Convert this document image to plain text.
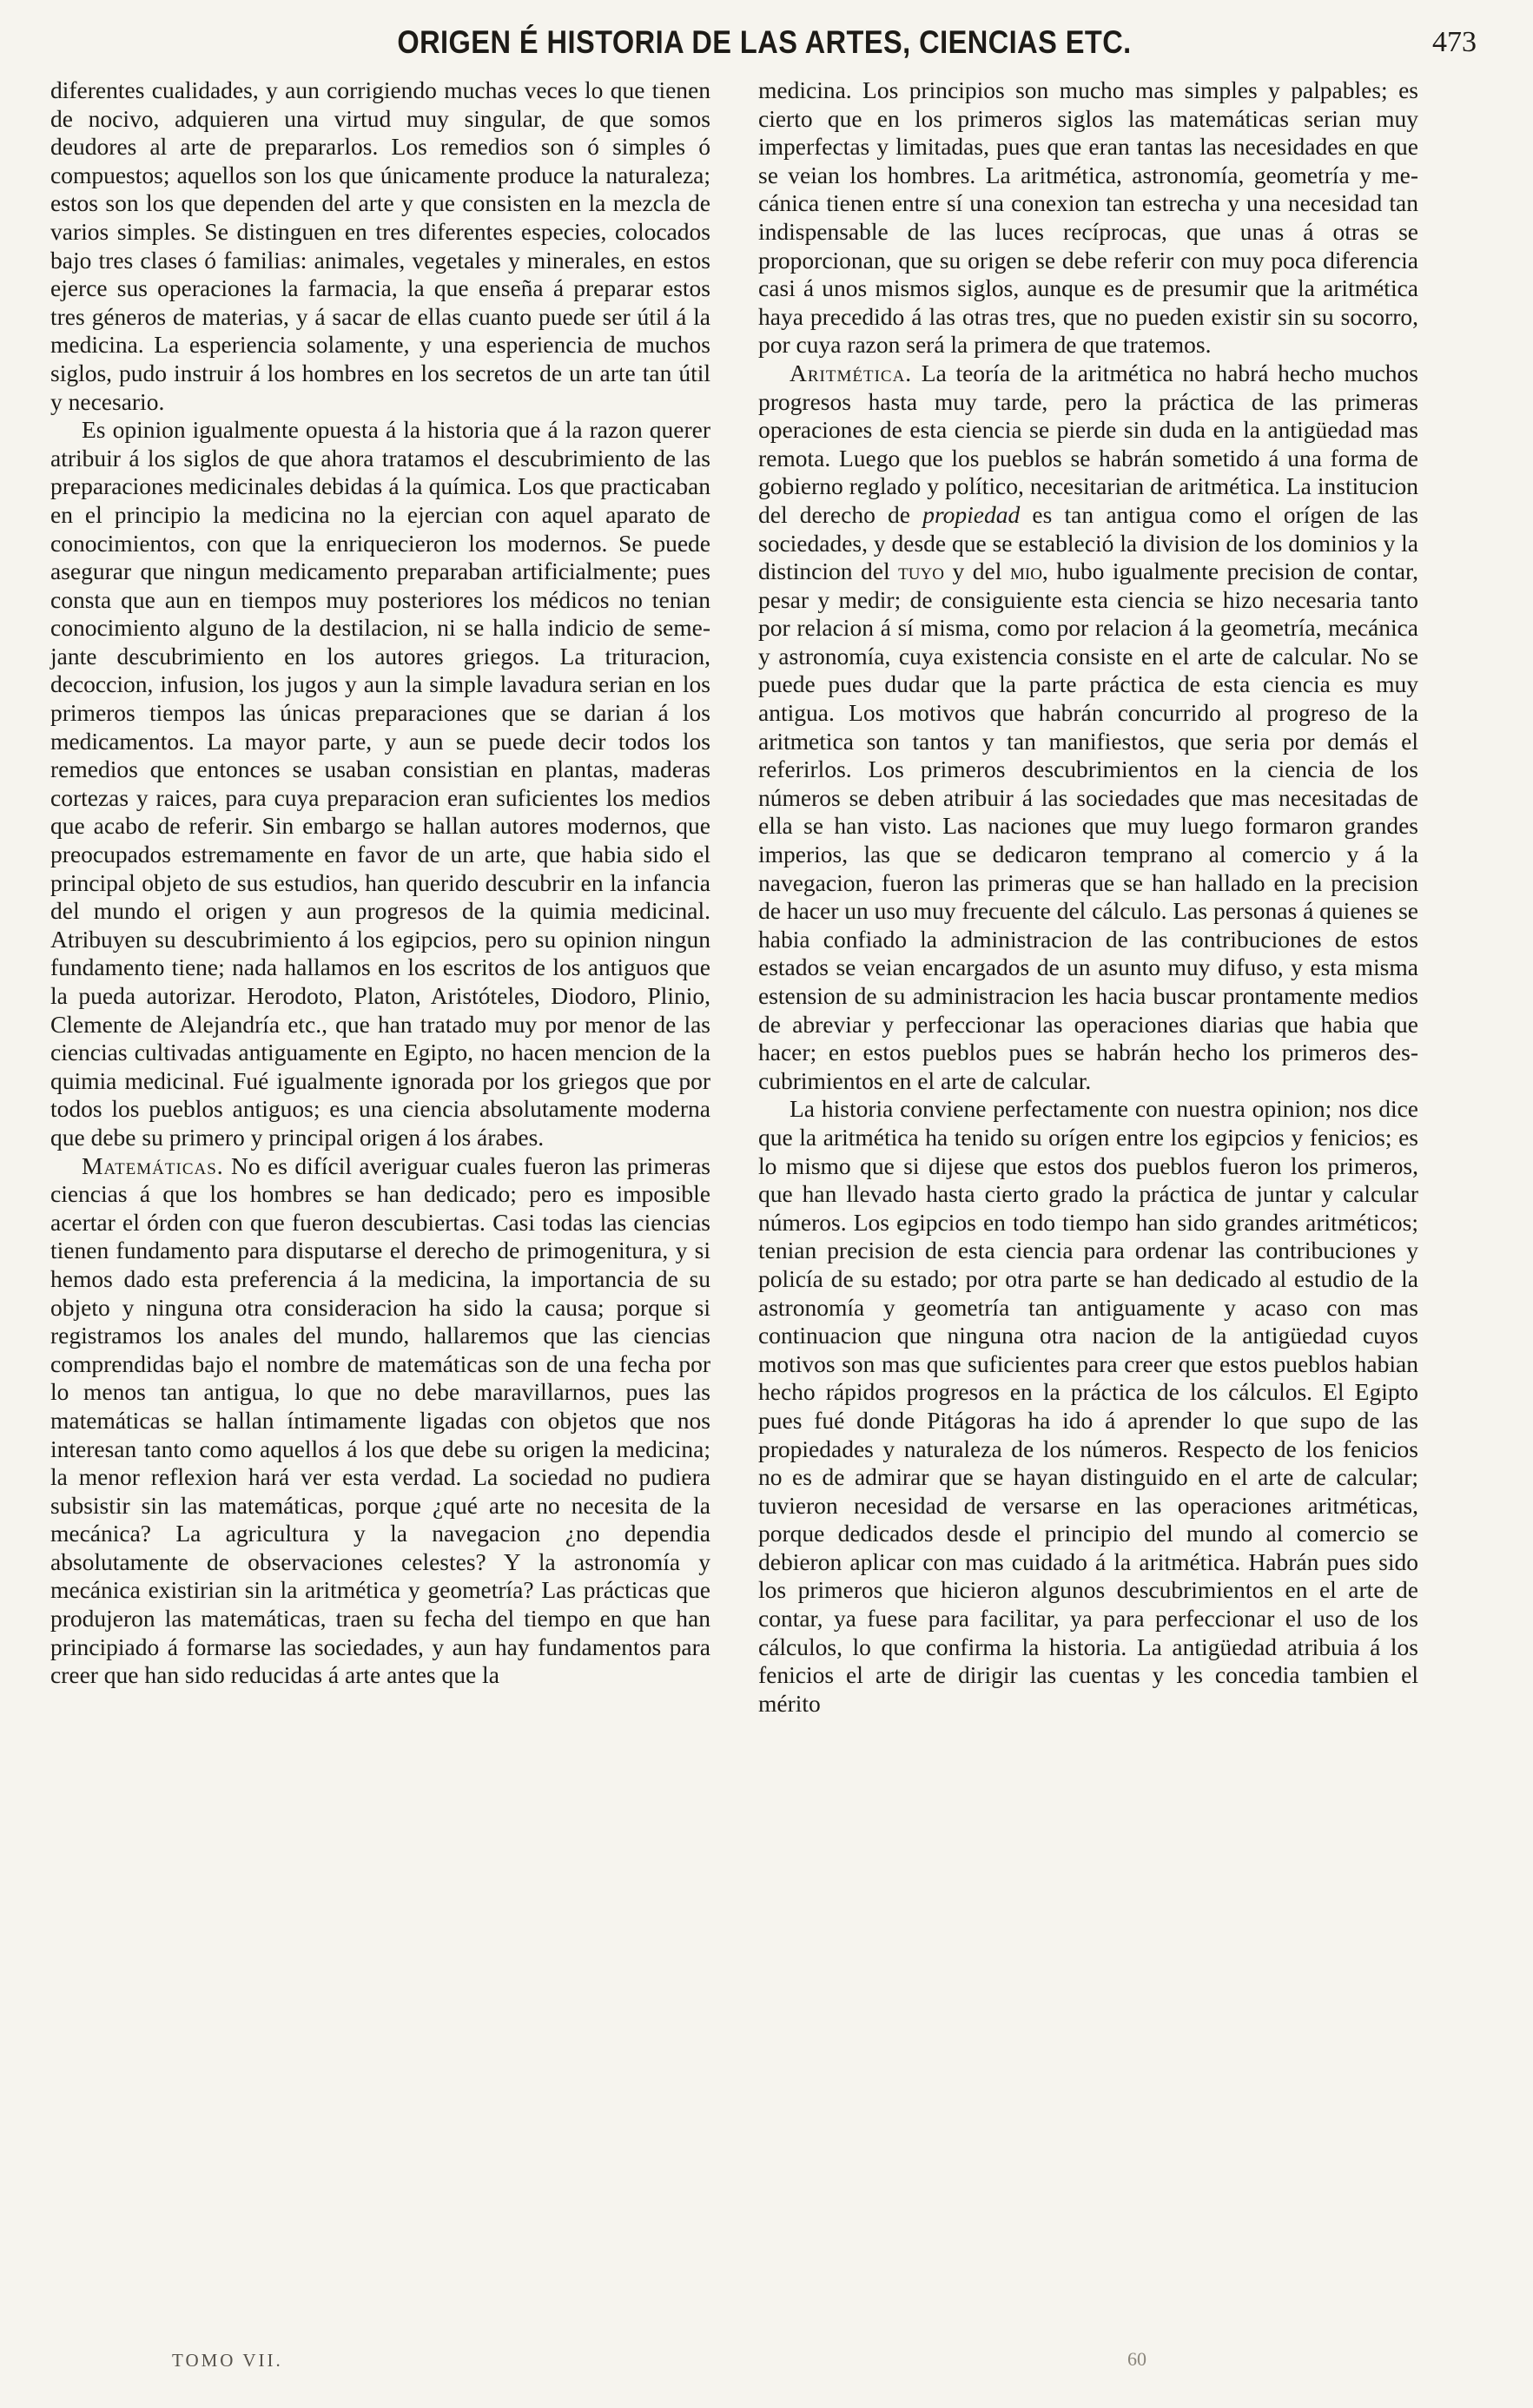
ORIGEN É HISTORIA DE LAS ARTES, CIENCIAS ETC.	473

diferentes cualidades, y aun corrigiendo muchas veces lo que tienen de nocivo, adquieren una virtud muy singular, de que somos deudores al arte de prepararlos. Los remedios son ó simples ó compuestos; aquellos son los que únicamente produce la naturaleza; estos son los que dependen del arte y que consisten en la mezcla de varios simples. Se distinguen en tres diferentes especies, colocados bajo tres clases ó familias: animales, vegetales y minerales, en estos ejerce sus operaciones la farmacia, la que enseña á preparar estos tres géneros de materias, y á sacar de ellas cuanto puede ser útil á la medicina. La esperiencia solamente, y una esperiencia de muchos siglos, pudo instruir á los hombres en los secretos de un arte tan útil y necesario.

Es opinion igualmente opuesta á la historia que á la razon querer atribuir á los siglos de que ahora tratamos el descubrimiento de las preparaciones medicinales debidas á la química. Los que practicaban en el principio la medicina no la ejercian con aquel aparato de conocimientos, con que la enriquecieron los modernos. Se puede asegurar que ningun medicamento preparaban artificialmente; pues consta que aun en tiempos muy posteriores los médicos no tenian conocimiento alguno de la destilacion, ni se halla indicio de semejante descubrimiento en los autores griegos. La trituracion, decoccion, infusion, los jugos y aun la simple lavadura serian en los primeros tiempos las únicas preparaciones que se darian á los medicamentos. La mayor parte, y aun se puede decir todos los remedios que entonces se usaban consistian en plantas, maderas cortezas y raices, para cuya preparacion eran suficientes los medios que acabo de referir. Sin embargo se hallan autores modernos, que preocupados estremamente en favor de un arte, que habia sido el principal objeto de sus estudios, han querido descubrir en la infancia del mundo el origen y aun progresos de la quimia medicinal. Atribuyen su descubrimiento á los egipcios, pero su opinion ningun fundamento tiene; nada hallamos en los escritos de los antiguos que la pueda autorizar. Herodoto, Platon, Aristóteles, Diodoro, Plinio, Clemente de Alejandría etc., que han tratado muy por menor de las ciencias cultivadas antiguamente en Egipto, no hacen mencion de la quimia medicinal. Fué igualmente ignorada por los griegos que por todos los pueblos antiguos; es una ciencia absolutamente moderna que debe su primero y principal origen á los árabes.

Matemáticas. No es difícil averiguar cuales fueron las primeras ciencias á que los hombres se han dedicado; pero es imposible acertar el órden con que fueron descubiertas. Casi todas las ciencias tienen fundamento para disputarse el derecho de primogenitura, y si hemos dado esta preferencia á la medicina, la importancia de su objeto y ninguna otra consideracion ha sido la causa; porque si registramos los anales del mundo, hallaremos que las ciencias comprendidas bajo el nombre de matemáticas son de una fecha por lo menos tan antigua, lo que no debe maravillarnos, pues las matemáticas se hallan íntimamente ligadas con objetos que nos interesan tanto como aquellos á los que debe su origen la medicina; la menor reflexion hará ver esta verdad. La sociedad no pudiera subsistir sin las matemáticas, porque ¿qué arte no necesita de la mecánica? La agricultura y la navegacion ¿no dependia absolutamente de observaciones celestes? Y la astronomía y mecánica existirian sin la aritmética y geometría? Las prácticas que produjeron las matemáticas, traen su fecha del tiempo en que han principiado á formarse las sociedades, y aun hay fundamentos para creer que han sido reducidas á arte antes que la

medicina. Los principios son mucho mas simples y palpables; es cierto que en los primeros siglos las matemáticas serian muy imperfectas y limitadas, pues que eran tantas las necesidades en que se veian los hombres. La aritmética, astronomía, geometría y mecánica tienen entre sí una conexion tan estrecha y una necesidad tan indispensable de las luces recíprocas, que unas á otras se proporcionan, que su origen se debe referir con muy poca diferencia casi á unos mismos siglos, aunque es de presumir que la aritmética haya precedido á las otras tres, que no pueden existir sin su socorro, por cuya razon será la primera de que tratemos.

Aritmética. La teoría de la aritmética no habrá hecho muchos progresos hasta muy tarde, pero la práctica de las primeras operaciones de esta ciencia se pierde sin duda en la antigüedad mas remota. Luego que los pueblos se habrán sometido á una forma de gobierno reglado y político, necesitarian de aritmética. La institucion del derecho de propiedad es tan antigua como el orígen de las sociedades, y desde que se estableció la division de los dominios y la distincion del tuyo y del mio, hubo igualmente precision de contar, pesar y medir; de consiguiente esta ciencia se hizo necesaria tanto por relacion á sí misma, como por relacion á la geometría, mecánica y astronomía, cuya existencia consiste en el arte de calcular. No se puede pues dudar que la parte práctica de esta ciencia es muy antigua. Los motivos que habrán concurrido al progreso de la aritmetica son tantos y tan manifiestos, que seria por demás el referirlos. Los primeros descubrimientos en la ciencia de los números se deben atribuir á las sociedades que mas necesitadas de ella se han visto. Las naciones que muy luego formaron grandes imperios, las que se dedicaron temprano al comercio y á la navegacion, fueron las primeras que se han hallado en la precision de hacer un uso muy frecuente del cálculo. Las personas á quienes se habia confiado la administracion de las contribuciones de estos estados se veian encargados de un asunto muy difuso, y esta misma estension de su administracion les hacia buscar prontamente medios de abreviar y perfeccionar las operaciones diarias que habia que hacer; en estos pueblos pues se habrán hecho los primeros descubrimientos en el arte de calcular.

La historia conviene perfectamente con nuestra opinion; nos dice que la aritmética ha tenido su orígen entre los egipcios y fenicios; es lo mismo que si dijese que estos dos pueblos fueron los primeros, que han llevado hasta cierto grado la práctica de juntar y calcular números. Los egipcios en todo tiempo han sido grandes aritméticos; tenian precision de esta ciencia para ordenar las contribuciones y policía de su estado; por otra parte se han dedicado al estudio de la astronomía y geometría tan antiguamente y acaso con mas continuacion que ninguna otra nacion de la antigüedad cuyos motivos son mas que suficientes para creer que estos pueblos habian hecho rápidos progresos en la práctica de los cálculos. El Egipto pues fué donde Pitágoras ha ido á aprender lo que supo de las propiedades y naturaleza de los números. Respecto de los fenicios no es de admirar que se hayan distinguido en el arte de calcular; tuvieron necesidad de versarse en las operaciones aritméticas, porque dedicados desde el principio del mundo al comercio se debieron aplicar con mas cuidado á la aritmética. Habrán pues sido los primeros que hicieron algunos descubrimientos en el arte de contar, ya fuese para facilitar, ya para perfeccionar el uso de los cálculos, lo que confirma la historia. La antigüedad atribuia á los fenicios el arte de dirigir las cuentas y les concedia tambien el mérito

TOMO VII.	60
